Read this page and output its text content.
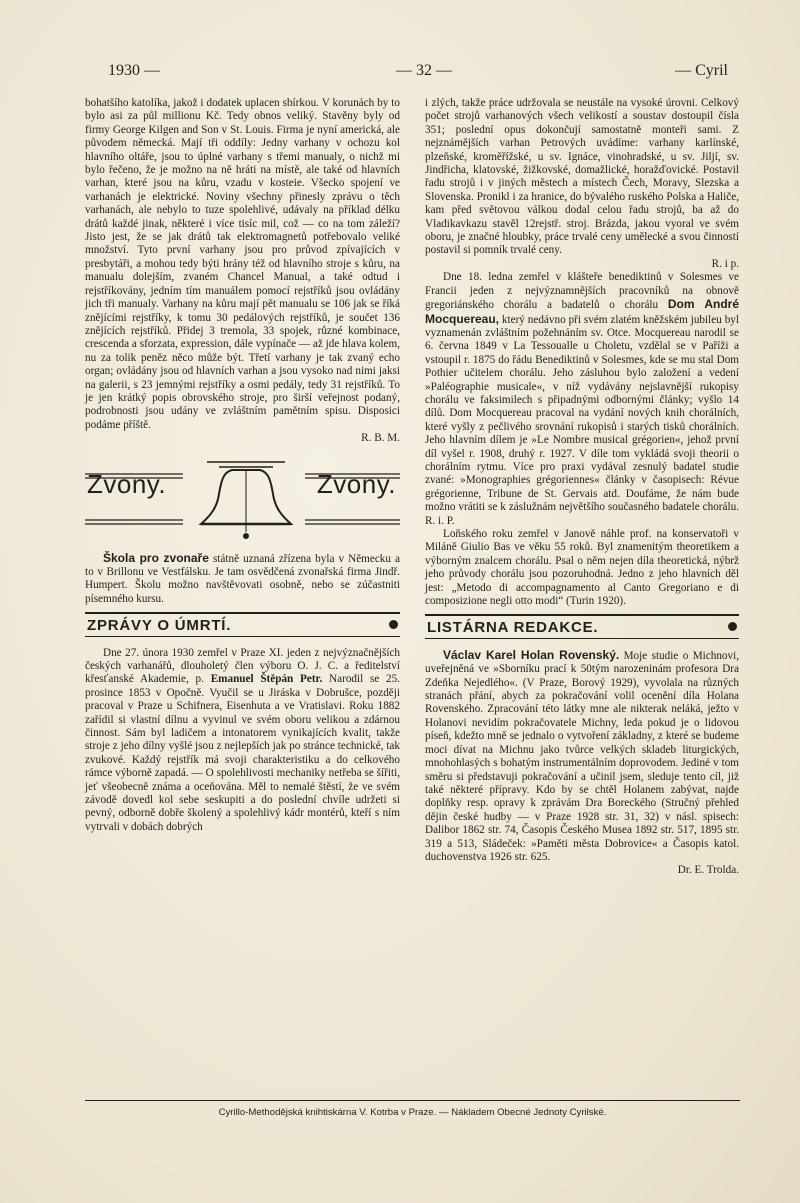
1930 —	— 32 —	— Cyril

bohatšího katolíka, jakož i dodatek uplacen sbírkou. V korunách by to bylo asi za půl millionu Kč. Tedy obnos veliký. Stavěny byly od firmy George Kilgen and Son v St. Louis. Firma je nyní americká, ale původem německá. Mají tři oddíly: Jedny varhany v ochozu kol hlavního oltáře, jsou to úplné varhany s třemi manualy, o nichž mi bylo řečeno, že je možno na ně hráti na místě, ale také od hlavních varhan, které jsou na kůru, vzadu v kosteie. Všecko spojení ve varhanách je elektrické. Noviny všechny přinesly zprávu o těch varhanách, ale nebylo to tuze spolehlivé, udávaly na příklad délku drátů každé jinak, některé i více tisíc mil, což — co na tom záleží? Jisto jest, že se jak drátů tak elektromagnetů potřebovalo veliké množství. Tyto první varhany jsou pro průvod zpívajících v presbytáři, a mohou tedy býti hrány též od hlavního stroje s kůru, na manualu dolejším, zvaném Chancel Manual, a také odtud i rejstříkovány, jedním tím manuálem pomocí rejstříků jsou ovládány jich tři manualy. Varhany na kůru mají pět manualu se 106 jak se říká znějícími rejstříky, k tomu 30 pedálových rejstříků, je součet 136 znějících rejstříků. Přidej 3 tremola, 33 spojek, různé kombinace, crescenda a sforzata, expression, dále vypínače — až jde hlava kolem, nu za tolik peněz něco může být. Třetí varhany je tak zvaný echo organ; ovládány jsou od hlavních varhan a jsou vysoko nad nimi jaksi na galerii, s 23 jemnými rejstříky a osmi pedály, tedy 31 rejstříků. To je jen krátký popis obrovského stroje, pro širší veřejnost podaný, podrobnosti jsou udány ve zvláštním pamětním spisu. Disposici podáme příště.

R. B. M.

Zvony.	Zvony.

Škola pro zvonaře státně uznaná zřízena byla v Německu a to v Brillonu ve Vestfálsku. Je tam osvědčená zvonařská firma Jindř. Humpert. Školu možno navštěvovati osobně, nebo se zúčastniti písemného kursu.

ZPRÁVY O ÚMRTÍ.

Dne 27. února 1930 zemřel v Praze XI. jeden z nejvýznačnějších českých varhanářů, dlouholetý člen výboru O. J. C. a ředitelství křesťanské Akademie, p. Emanuel Štěpán Petr. Narodil se 25. prosince 1853 v Opočně. Vyučil se u Jiráska v Dobrušce, později pracoval v Praze u Schifnera, Eisenhuta a ve Vratislavi. Roku 1882 zařídil si vlastní dílnu a vyvinul ve svém oboru velikou a zdárnou činnost. Sám byl ladičem a intonatorem vynikajících kvalit, takže stroje z jeho dílny vyšlé jsou z nejlepších jak po stránce technické, tak zvukové. Každý rejstřík má svoji charakteristiku a do celkového rámce výborně zapadá. — O spolehlivosti mechaniky netřeba se šířiti, jeť všeobecně známa a oceňována. Měl to nemalé štěstí, že ve svém závodě dovedl kol sebe seskupiti a do poslední chvíle udržeti si pevný, odborně dobře školený a spolehlivý kádr montérů, kteří s ním vytrvali v dobách dobrých

i zlých, takže práce udržovala se neustále na vysoké úrovni. Celkový počet strojů varhanových všech velikostí a soustav dostoupil čísla 351; poslední opus dokončují samostatně monteři sami. Z nejznámějších varhan Petrových uvádíme: varhany karlínské, plzeňské, kroměřížské, u sv. Ignáce, vinohradské, u sv. Jiljí, sv. Jindřicha, klatovské, žižkovské, domažlické, horažďovické. Postavil řadu strojů i v jiných městech a místech Čech, Moravy, Slezska a Slovenska. Pronikl i za hranice, do bývalého ruského Polska a Haliče, kam před světovou válkou dodal celou řadu strojů, ba až do Vladikavkazu stavěl 12rejstř. stroj. Brázda, jakou vyoral ve svém oboru, je značné hloubky, práce trvalé ceny umělecké a svou činností postavil si pomník trvalé ceny.

R. i p.

Dne 18. ledna zemřel v klášteře benediktinů v Solesmes ve Francii jeden z nejvýznamnějších pracovníků na obnově gregoriánského chorálu a badatelů o chorálu Dom André Mocquereau, který nedávno při svém zlatém kněžském jubileu byl vyznamenán zvláštním požehnáním sv. Otce. Mocquereau narodil se 6. června 1849 v La Tessoualle u Choletu, vzdělal se v Paříži a vstoupil r. 1875 do řádu Benediktinů v Solesmes, kde se mu stal Dom Pothier učitelem chorálu. Jeho zásluhou bylo založení a vedení »Paléographie musicale«, v níž vydávány nejslavnější rukopisy chorálu ve faksimilech s připadnými odbornými články; vyšlo 14 dílů. Dom Mocquereau pracoval na vydání nových knih chorálních, které vyšly z pečlivého srovnání rukopisů i starých tisků chorálních. Jeho hlavním dílem je »Le Nombre musical grégorien«, jehož první díl vyšel r. 1908, druhý r. 1927. V díle tom vykládá svoji theorii o chorálním rytmu. Více pro praxi vydával zesnulý badatel studie zvané: »Monographies grégoriennes« články v časopisech: Révue grégorienne, Tribune de St. Gervais atd. Doufáme, že nám bude možno vrátiti se k záslužnám největšího současného badatele chorálu. R. i. P.

Loňského roku zemřel v Janově náhle prof. na konservatoři v Miláně Giulio Bas ve věku 55 roků. Byl znamenitým theoretikem a výborným znalcem chorálu. Psal o něm nejen díla theoretická, nýbrž jeho průvody chorálu jsou pozoruhodná. Jedno z jeho hlavních děl jest: „Metodo di accompagnamento al Canto Gregoriano e di composizione negli otto modi“ (Turin 1920).

LISTÁRNA REDAKCE.

Václav Karel Holan Rovenský. Moje studie o Michnovi, uveřejněná ve »Sborníku prací k 50tým narozeninám profesora Dra Zdeňka Nejedlého«. (V Praze, Borový 1929), vyvolala na různých stranách přání, abych za pokračování volil ocenění díla Holana Rovenského. Zpracování této látky mne ale nikterak neláká, ježto v Holanovi nevidím pokračovatele Michny, leda pokud je o lidovou píseň, kdežto mně se jednalo o vytvoření základny, z které se budeme moci dívat na Michnu jako tvůrce velkých skladeb liturgických, mnohohlasých s bohatým instrumentálním doprovodem. Jediné v tom směru si představuji pokračování a učinil jsem, sleduje tento cíl, již také některé přípravy. Kdo by se chtěl Holanem zabývat, najde doplňky resp. opravy k zprávám Dra Boreckého (Stručný přehled dějin české hudby — v Praze 1928 str. 31, 32) v násl. spisech: Dalibor 1862 str. 74, Časopis Českého Musea 1892 str. 517, 1895 str. 319 a 513, Sládeček: »Paměti města Dobrovice« a Časopis katol. duchovenstva 1926 str. 625.

Dr. E. Trolda.

Cyrillo-Methodějská knihtiskárna V. Kotrba v Praze. — Nákladem Obecné Jednoty Cyrilské.
